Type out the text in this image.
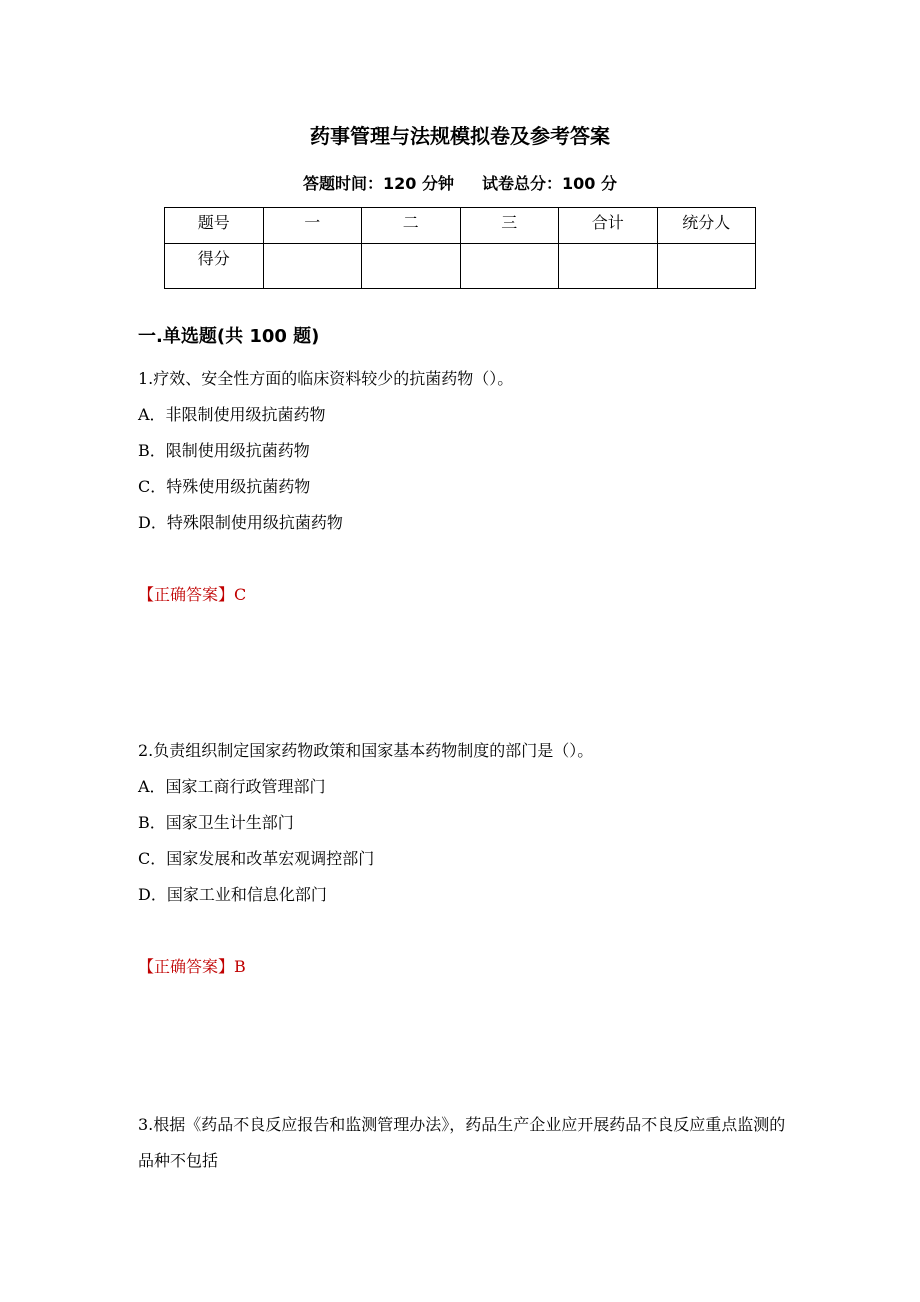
药事管理与法规模拟卷及参考答案
答题时间：120 分钟 试卷总分：100 分
题号	一	二	三	合计	统分人
得分					
一.单选题(共 100 题)

1.疗效、安全性方面的临床资料较少的抗菌药物（）。

A．非限制使用级抗菌药物

B．限制使用级抗菌药物

C．特殊使用级抗菌药物

D．特殊限制使用级抗菌药物

【正确答案】C

2.负责组织制定国家药物政策和国家基本药物制度的部门是（）。

A．国家工商行政管理部门

B．国家卫生计生部门

C．国家发展和改革宏观调控部门

D．国家工业和信息化部门

【正确答案】B

3.根据《药品不良反应报告和监测管理办法》，药品生产企业应开展药品不良反应重点监测的品种不包括
